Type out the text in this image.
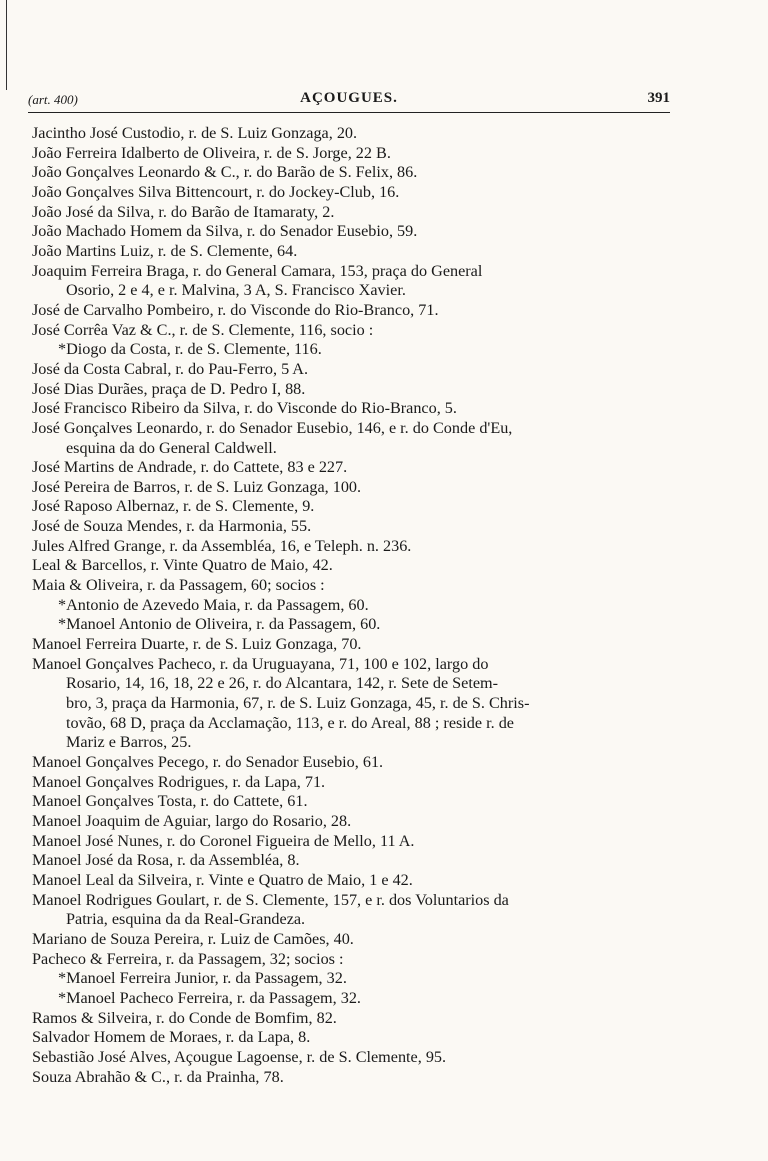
(art. 400)	AÇOUGUES.	391
Jacintho José Custodio, r. de S. Luiz Gonzaga, 20.
João Ferreira Idalberto de Oliveira, r. de S. Jorge, 22 B.
João Gonçalves Leonardo & C., r. do Barão de S. Felix, 86.
João Gonçalves Silva Bittencourt, r. do Jockey-Club, 16.
João José da Silva, r. do Barão de Itamaraty, 2.
João Machado Homem da Silva, r. do Senador Eusebio, 59.
João Martins Luiz, r. de S. Clemente, 64.
Joaquim Ferreira Braga, r. do General Camara, 153, praça do General
Osorio, 2 e 4, e r. Malvina, 3 A, S. Francisco Xavier.
José de Carvalho Pombeiro, r. do Visconde do Rio-Branco, 71.
José Corrêa Vaz & C., r. de S. Clemente, 116, socio :
*Diogo da Costa, r. de S. Clemente, 116.
José da Costa Cabral, r. do Pau-Ferro, 5 A.
José Dias Durães, praça de D. Pedro I, 88.
José Francisco Ribeiro da Silva, r. do Visconde do Rio-Branco, 5.
José Gonçalves Leonardo, r. do Senador Eusebio, 146, e r. do Conde d'Eu,
esquina da do General Caldwell.
José Martins de Andrade, r. do Cattete, 83 e 227.
José Pereira de Barros, r. de S. Luiz Gonzaga, 100.
José Raposo Albernaz, r. de S. Clemente, 9.
José de Souza Mendes, r. da Harmonia, 55.
Jules Alfred Grange, r. da Assembléa, 16, e Teleph. n. 236.
Leal & Barcellos, r. Vinte Quatro de Maio, 42.
Maia & Oliveira, r. da Passagem, 60; socios :
*Antonio de Azevedo Maia, r. da Passagem, 60.
*Manoel Antonio de Oliveira, r. da Passagem, 60.
Manoel Ferreira Duarte, r. de S. Luiz Gonzaga, 70.
Manoel Gonçalves Pacheco, r. da Uruguayana, 71, 100 e 102, largo do
Rosario, 14, 16, 18, 22 e 26, r. do Alcantara, 142, r. Sete de Setem-
bro, 3, praça da Harmonia, 67, r. de S. Luiz Gonzaga, 45, r. de S. Chris-
tovão, 68 D, praça da Acclamação, 113, e r. do Areal, 88 ; reside r. de
Mariz e Barros, 25.
Manoel Gonçalves Pecego, r. do Senador Eusebio, 61.
Manoel Gonçalves Rodrigues, r. da Lapa, 71.
Manoel Gonçalves Tosta, r. do Cattete, 61.
Manoel Joaquim de Aguiar, largo do Rosario, 28.
Manoel José Nunes, r. do Coronel Figueira de Mello, 11 A.
Manoel José da Rosa, r. da Assembléa, 8.
Manoel Leal da Silveira, r. Vinte e Quatro de Maio, 1 e 42.
Manoel Rodrigues Goulart, r. de S. Clemente, 157, e r. dos Voluntarios da
Patria, esquina da da Real-Grandeza.
Mariano de Souza Pereira, r. Luiz de Camões, 40.
Pacheco & Ferreira, r. da Passagem, 32; socios :
*Manoel Ferreira Junior, r. da Passagem, 32.
*Manoel Pacheco Ferreira, r. da Passagem, 32.
Ramos & Silveira, r. do Conde de Bomfim, 82.
Salvador Homem de Moraes, r. da Lapa, 8.
Sebastião José Alves, Açougue Lagoense, r. de S. Clemente, 95.
Souza Abrahão & C., r. da Prainha, 78.
